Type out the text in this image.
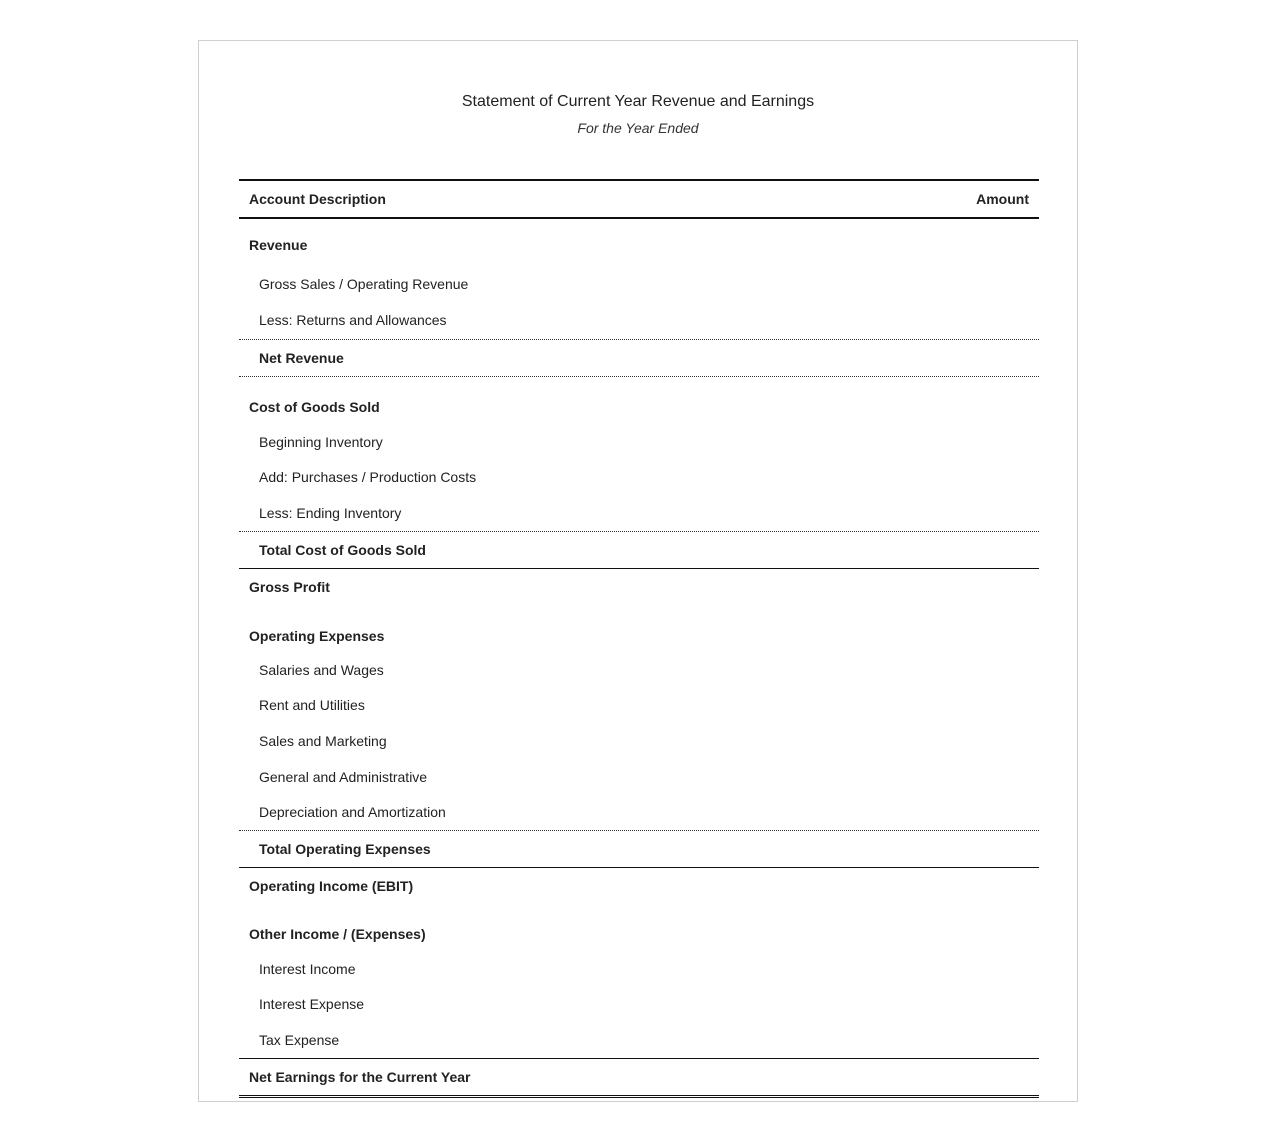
Statement of Current Year Revenue and Earnings
For the Year Ended
Account Description	Amount
Revenue
Gross Sales / Operating Revenue
Less: Returns and Allowances
Net Revenue
Cost of Goods Sold
Beginning Inventory
Add: Purchases / Production Costs
Less: Ending Inventory
Total Cost of Goods Sold
Gross Profit
Operating Expenses
Salaries and Wages
Rent and Utilities
Sales and Marketing
General and Administrative
Depreciation and Amortization
Total Operating Expenses
Operating Income (EBIT)
Other Income / (Expenses)
Interest Income
Interest Expense
Tax Expense
Net Earnings for the Current Year
